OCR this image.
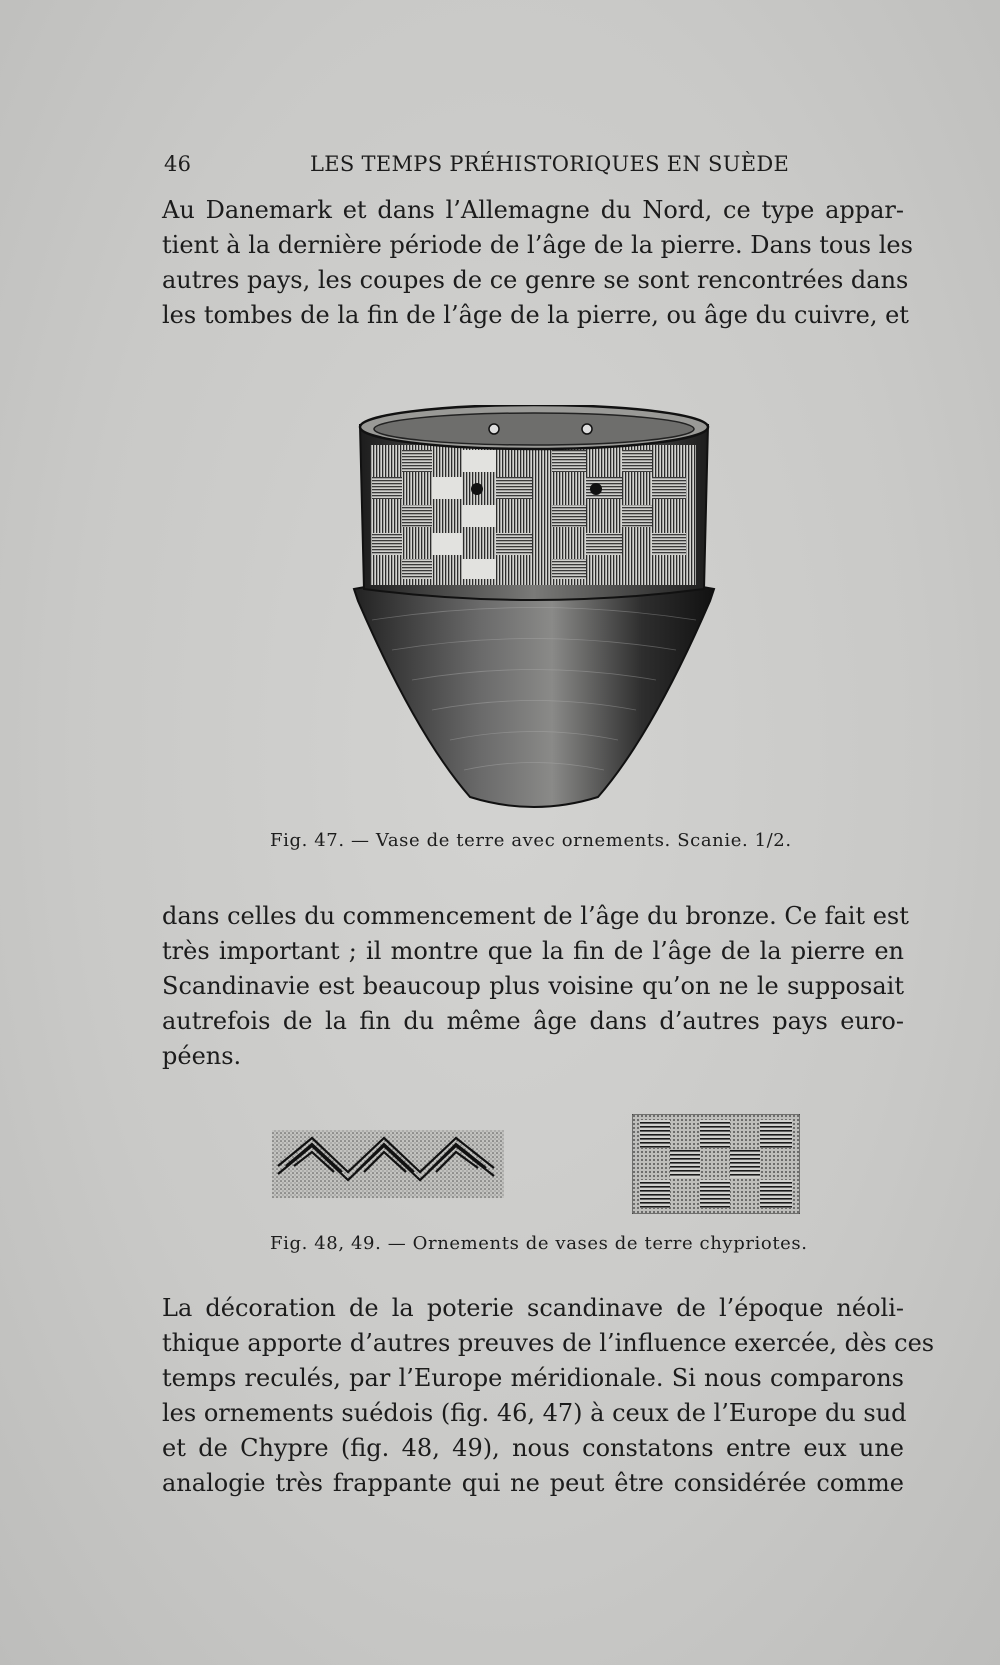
46	LES TEMPS PRÉHISTORIQUES EN SUÈDE
Au Danemark et dans l’Allemagne du Nord, ce type appar-
tient à la dernière période de l’âge de la pierre. Dans tous les
autres pays, les coupes de ce genre se sont rencontrées dans
les tombes de la fin de l’âge de la pierre, ou âge du cuivre, et
Fig. 47. — Vase de terre avec ornements. Scanie. 1/2.
dans celles du commencement de l’âge du bronze. Ce fait est
très important ; il montre que la fin de l’âge de la pierre en
Scandinavie est beaucoup plus voisine qu’on ne le supposait
autrefois de la fin du même âge dans d’autres pays euro-
péens.
Fig. 48, 49. — Ornements de vases de terre chypriotes.
La décoration de la poterie scandinave de l’époque néoli-
thique apporte d’autres preuves de l’influence exercée, dès ces
temps reculés, par l’Europe méridionale. Si nous comparons
les ornements suédois (fig. 46, 47) à ceux de l’Europe du sud
et de Chypre (fig. 48, 49), nous constatons entre eux une
analogie très frappante qui ne peut être considérée comme
